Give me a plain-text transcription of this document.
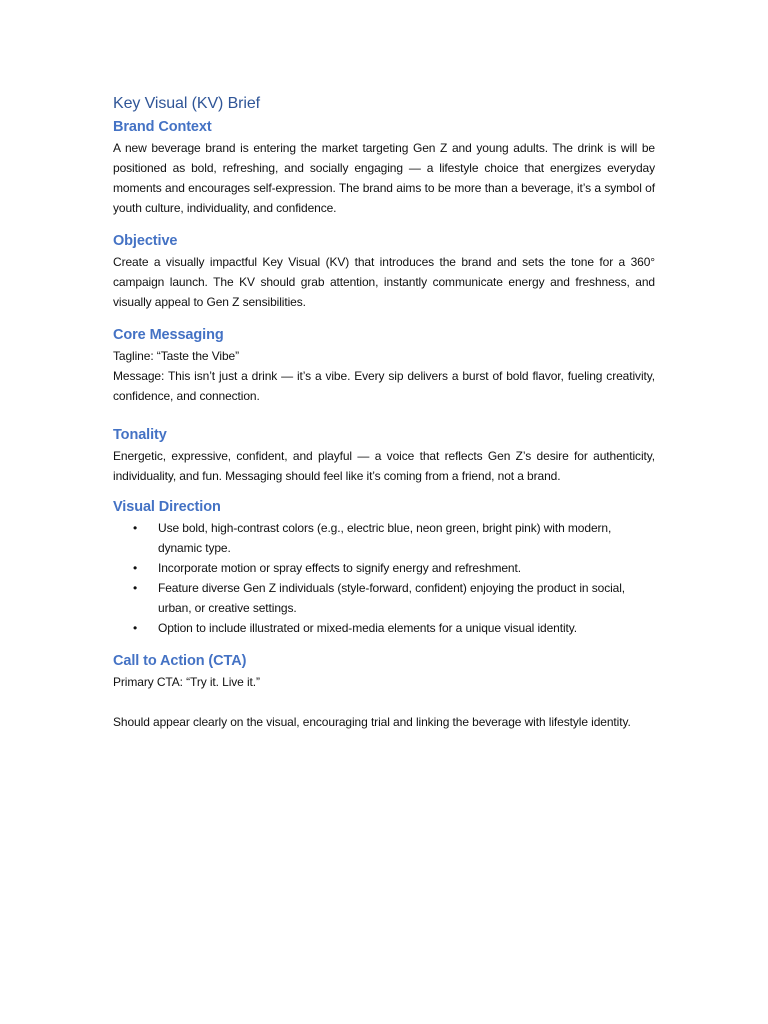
Key Visual (KV) Brief
Brand Context

A new beverage brand is entering the market targeting Gen Z and young adults. The drink is will be positioned as bold, refreshing, and socially engaging — a lifestyle choice that energizes everyday moments and encourages self-expression. The brand aims to be more than a beverage, it’s a symbol of youth culture, individuality, and confidence.

Objective

Create a visually impactful Key Visual (KV) that introduces the brand and sets the tone for a 360° campaign launch. The KV should grab attention, instantly communicate energy and freshness, and visually appeal to Gen Z sensibilities.

Core Messaging

Tagline: “Taste the Vibe”

Message: This isn’t just a drink — it’s a vibe. Every sip delivers a burst of bold flavor, fueling creativity, confidence, and connection.

Tonality

Energetic, expressive, confident, and playful — a voice that reflects Gen Z’s desire for authenticity, individuality, and fun. Messaging should feel like it’s coming from a friend, not a brand.

Visual Direction
• Use bold, high-contrast colors (e.g., electric blue, neon green, bright pink) with modern, dynamic type.
• Incorporate motion or spray effects to signify energy and refreshment.
• Feature diverse Gen Z individuals (style-forward, confident) enjoying the product in social, urban, or creative settings.
• Option to include illustrated or mixed-media elements for a unique visual identity.
Call to Action (CTA)

Primary CTA: “Try it. Live it.”

Should appear clearly on the visual, encouraging trial and linking the beverage with lifestyle identity.
